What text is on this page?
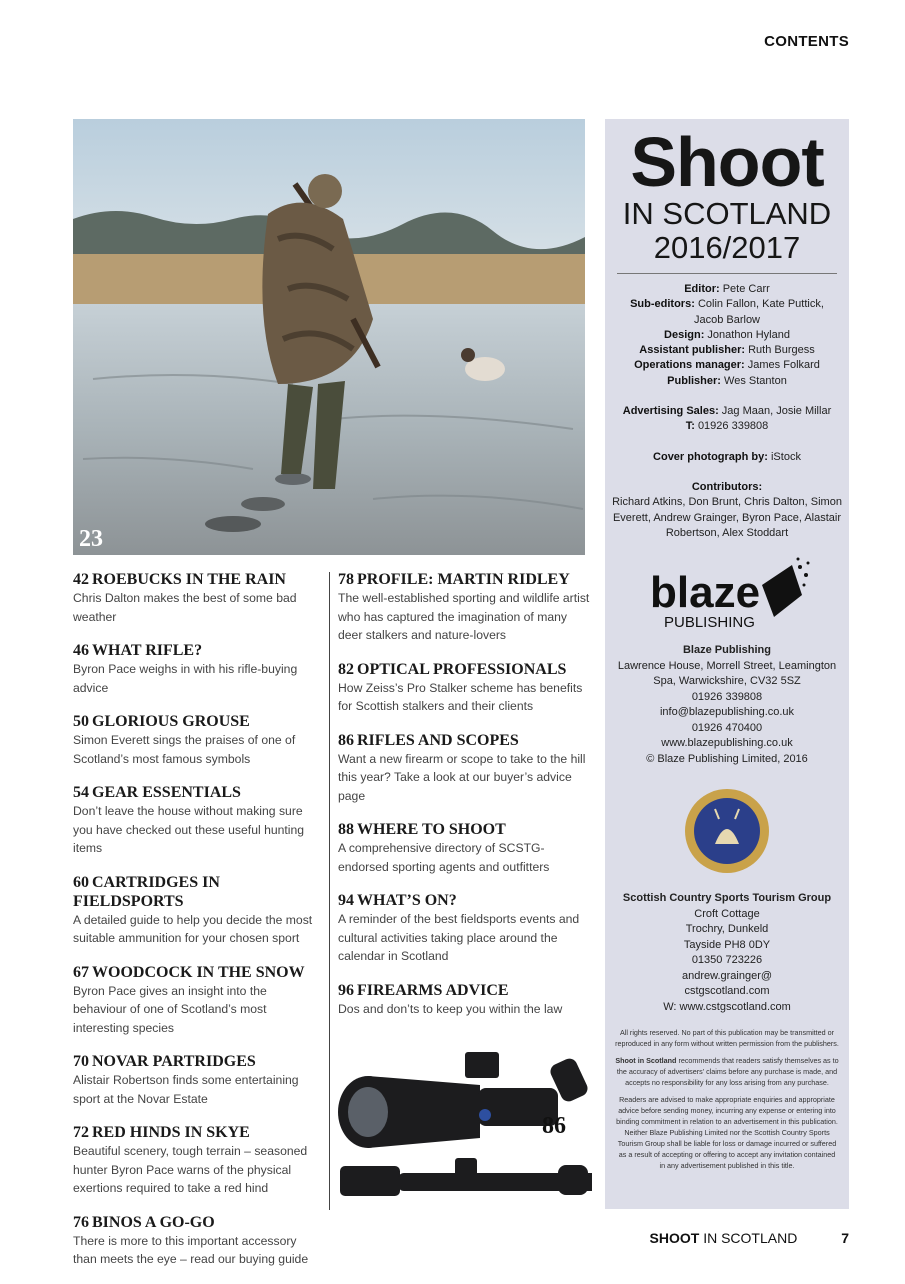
CONTENTS
23
42 ROEBUCKS IN THE RAIN

Chris Dalton makes the best of some bad weather

46 WHAT RIFLE?

Byron Pace weighs in with his rifle-buying advice

50 GLORIOUS GROUSE

Simon Everett sings the praises of one of Scotland’s most famous symbols

54 GEAR ESSENTIALS

Don’t leave the house without making sure you have checked out these useful hunting items

60 CARTRIDGES IN FIELDSPORTS

A detailed guide to help you decide the most suitable ammunition for your chosen sport

67 WOODCOCK IN THE SNOW

Byron Pace gives an insight into the behaviour of one of Scotland’s most interesting species

70 NOVAR PARTRIDGES

Alistair Robertson finds some entertaining sport at the Novar Estate

72 RED HINDS IN SKYE

Beautiful scenery, tough terrain – seasoned hunter Byron Pace warns of the physical exertions required to take a red hind

76 BINOS A GO-GO

There is more to this important accessory than meets the eye – read our buying guide

78 PROFILE: MARTIN RIDLEY

The well-established sporting and wildlife artist who has captured the imagination of many deer stalkers and nature-lovers

82 OPTICAL PROFESSIONALS

How Zeiss’s Pro Stalker scheme has benefits for Scottish stalkers and their clients

86 RIFLES AND SCOPES

Want a new firearm or scope to take to the hill this year? Take a look at our buyer’s advice page

88 WHERE TO SHOOT

A comprehensive directory of SCSTG-endorsed sporting agents and outfitters

94 WHAT’S ON?

A reminder of the best fieldsports events and cultural activities taking place around the calendar in Scotland

96 FIREARMS ADVICE

Dos and don’ts to keep you within the law

86
Shoot
IN SCOTLAND
2016/2017
Editor: Pete Carr
Sub-editors: Colin Fallon, Kate Puttick, Jacob Barlow
Design: Jonathon Hyland
Assistant publisher: Ruth Burgess
Operations manager: James Folkard
Publisher: Wes Stanton
Advertising Sales: Jag Maan, Josie Millar
T: 01926 339808
Cover photograph by: iStock
Contributors:
Richard Atkins, Don Brunt, Chris Dalton, Simon Everett, Andrew Grainger, Byron Pace, Alastair Robertson, Alex Stoddart
blaze
PUBLISHING
Blaze Publishing
Lawrence House, Morrell Street, Leamington Spa, Warwickshire, CV32 5SZ
01926 339808
info@blazepublishing.co.uk
01926 470400
www.blazepublishing.co.uk
© Blaze Publishing Limited, 2016
Scottish Country Sports Tourism Group
Croft Cottage
Trochry, Dunkeld
Tayside PH8 0DY
01350 723226
andrew.grainger@
cstgscotland.com
W: www.cstgscotland.com
All rights reserved. No part of this publication may be transmitted or reproduced in any form without written permission from the publishers.
Shoot in Scotland recommends that readers satisfy themselves as to the accuracy of advertisers’ claims before any purchase is made, and accepts no responsibility for any loss arising from any purchase.
Readers are advised to make appropriate enquiries and appropriate advice before sending money, incurring any expense or entering into binding commitment in relation to an advertisement in this publication. Neither Blaze Publishing Limited nor the Scottish Country Sports Tourism Group shall be liable for loss or damage incurred or suffered as a result of accepting or offering to accept any invitation contained in any advertisement published in this title.
SHOOT IN SCOTLAND	7
